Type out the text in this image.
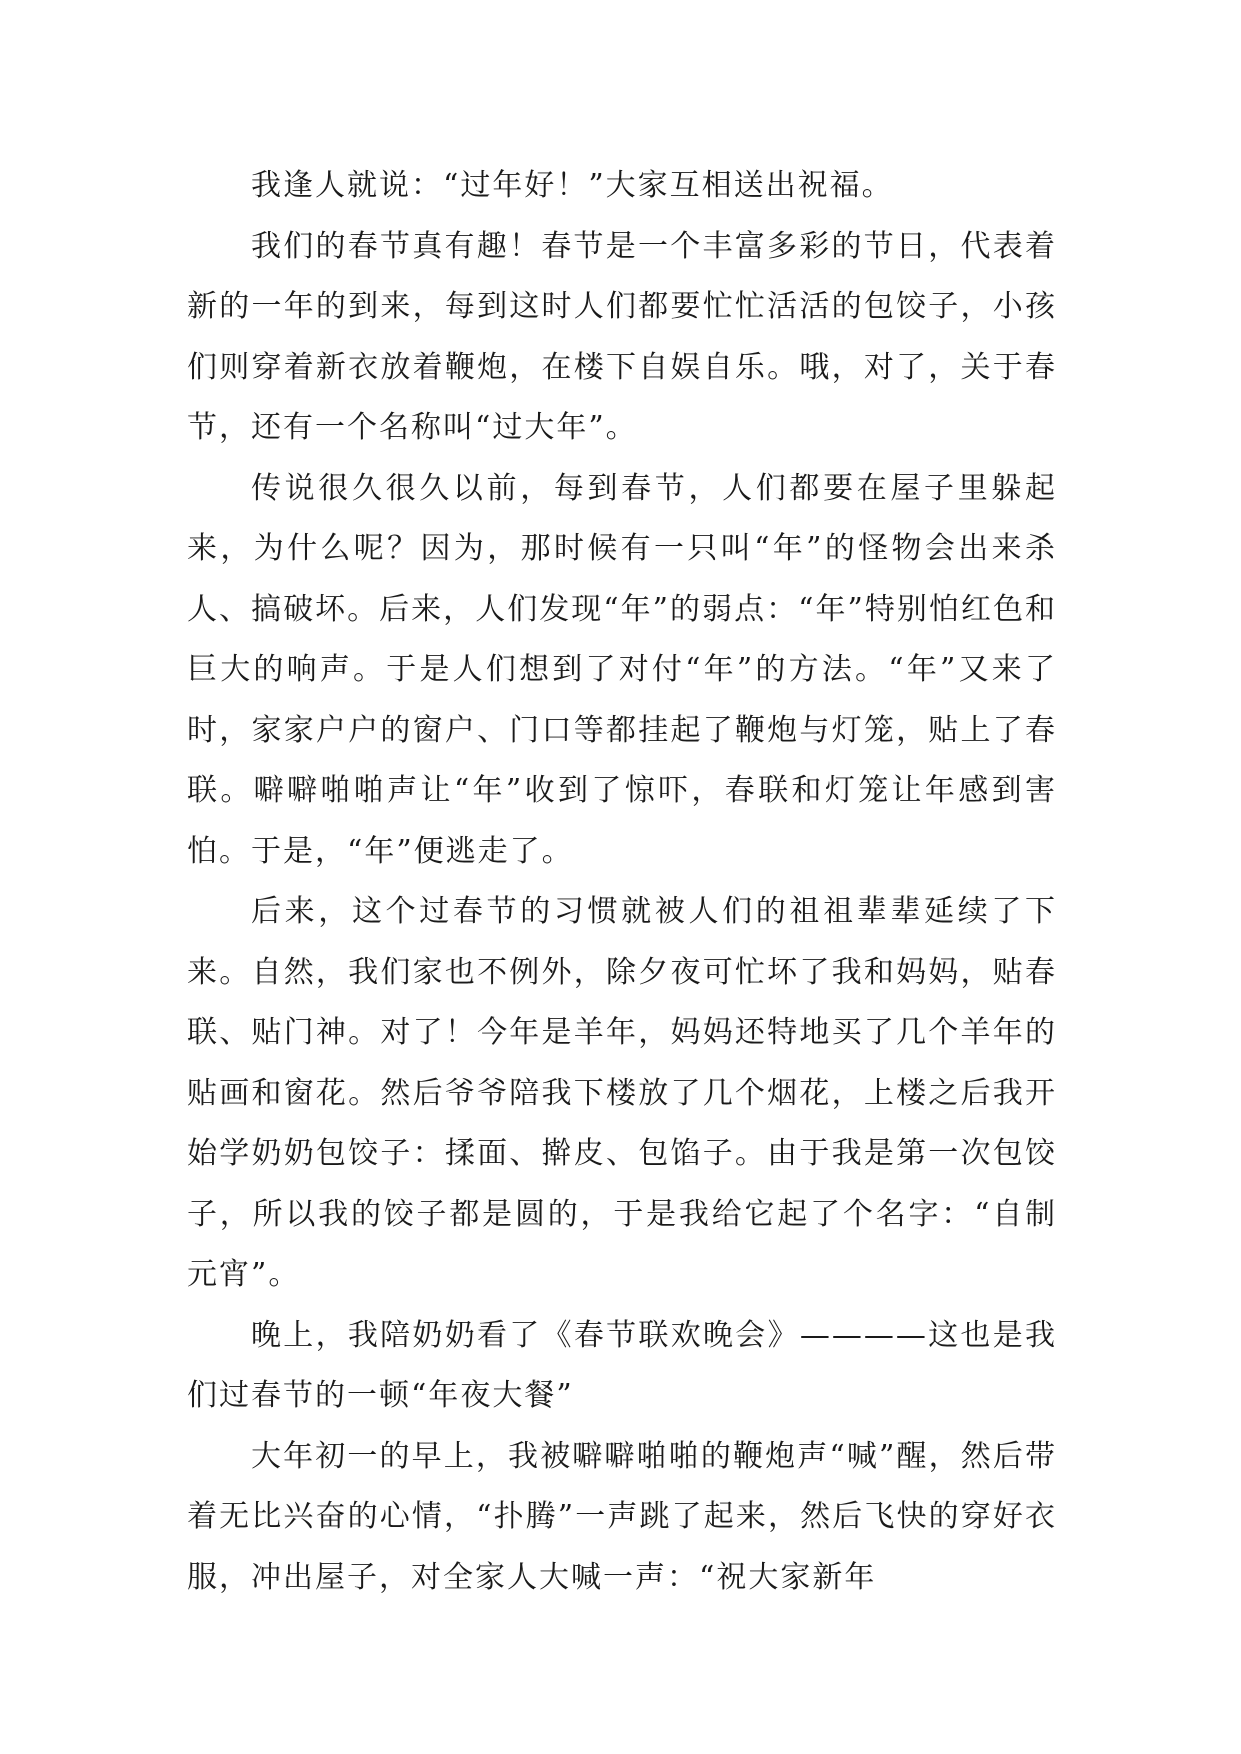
我逢人就说：“过年好！”大家互相送出祝福。

我们的春节真有趣！春节是一个丰富多彩的节日，代表着新的一年的到来，每到这时人们都要忙忙活活的包饺子，小孩们则穿着新衣放着鞭炮，在楼下自娱自乐。哦，对了，关于春节，还有一个名称叫“过大年”。

传说很久很久以前，每到春节，人们都要在屋子里躲起来，为什么呢？因为，那时候有一只叫“年”的怪物会出来杀人、搞破坏。后来，人们发现“年”的弱点：“年”特别怕红色和巨大的响声。于是人们想到了对付“年”的方法。“年”又来了时，家家户户的窗户、门口等都挂起了鞭炮与灯笼，贴上了春联。噼噼啪啪声让“年”收到了惊吓，春联和灯笼让年感到害怕。于是，“年”便逃走了。

后来，这个过春节的习惯就被人们的祖祖辈辈延续了下来。自然，我们家也不例外，除夕夜可忙坏了我和妈妈，贴春联、贴门神。对了！今年是羊年，妈妈还特地买了几个羊年的贴画和窗花。然后爷爷陪我下楼放了几个烟花，上楼之后我开始学奶奶包饺子：揉面、擀皮、包馅子。由于我是第一次包饺子，所以我的饺子都是圆的，于是我给它起了个名字：“自制元宵”。

晚上，我陪奶奶看了《春节联欢晚会》————这也是我们过春节的一顿“年夜大餐”

大年初一的早上，我被噼噼啪啪的鞭炮声“喊”醒，然后带着无比兴奋的心情，“扑腾”一声跳了起来，然后飞快的穿好衣服，冲出屋子，对全家人大喊一声：“祝大家新年
